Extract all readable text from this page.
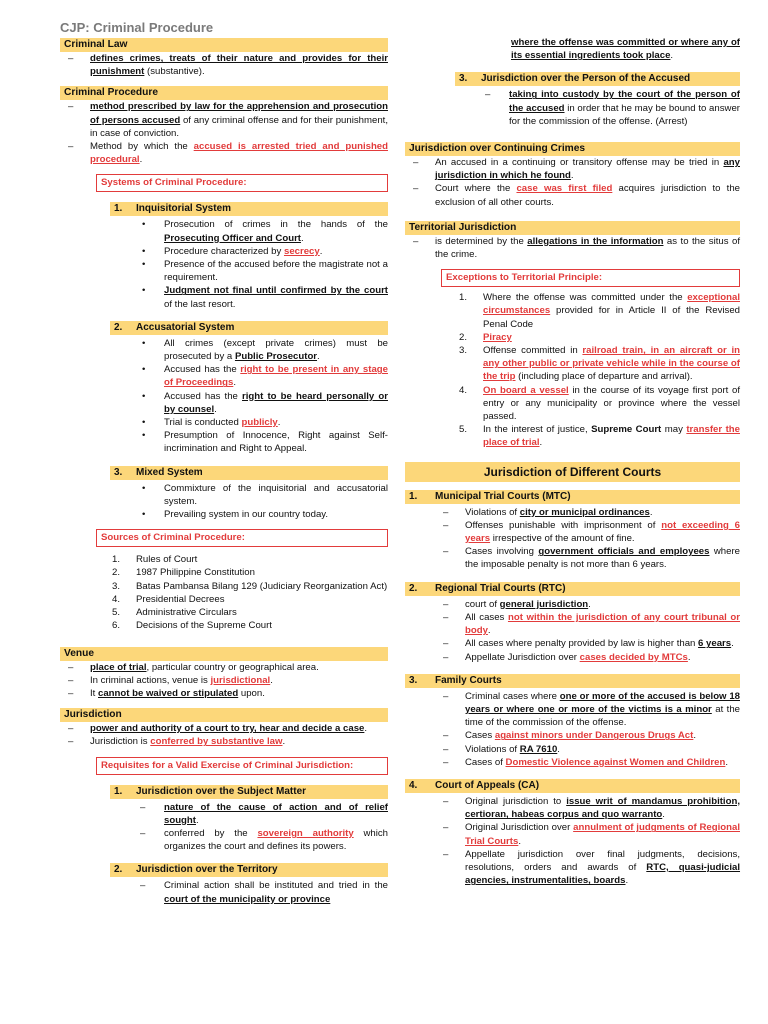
CJP: Criminal Procedure
Criminal Law
– defines crimes, treats of their nature and provides for their punishment (substantive).
Criminal Procedure
– method prescribed by law for the apprehension and prosecution of persons accused of any criminal offense and for their punishment, in case of conviction.
– Method by which the accused is arrested tried and punished procedural.
Systems of Criminal Procedure:
1. Inquisitorial System
• Prosecution of crimes in the hands of the Prosecuting Officer and Court.
• Procedure characterized by secrecy.
• Presence of the accused before the magistrate not a requirement.
• Judgment not final until confirmed by the court of the last resort.
2. Accusatorial System
• All crimes (except private crimes) must be prosecuted by a Public Prosecutor.
• Accused has the right to be present in any stage of Proceedings.
• Accused has the right to be heard personally or by counsel.
• Trial is conducted publicly.
• Presumption of Innocence, Right against Self-incrimination and Right to Appeal.
3. Mixed System
• Commixture of the inquisitorial and accusatorial system.
• Prevailing system in our country today.
Sources of Criminal Procedure:
1. Rules of Court
2. 1987 Philippine Constitution
3. Batas Pambansa Bilang 129 (Judiciary Reorganization Act)
4. Presidential Decrees
5. Administrative Circulars
6. Decisions of the Supreme Court
Venue
– place of trial, particular country or geographical area.
– In criminal actions, venue is jurisdictional.
– It cannot be waived or stipulated upon.
Jurisdiction
– power and authority of a court to try, hear and decide a case.
– Jurisdiction is conferred by substantive law.
Requisites for a Valid Exercise of Criminal Jurisdiction:
1. Jurisdiction over the Subject Matter
– nature of the cause of action and of relief sought.
– conferred by the sovereign authority which organizes the court and defines its powers.
2. Jurisdiction over the Territory
– Criminal action shall be instituted and tried in the court of the municipality or province
where the offense was committed or where any of its essential ingredients took place.
3. Jurisdiction over the Person of the Accused
– taking into custody by the court of the person of the accused in order that he may be bound to answer for the commission of the offense. (Arrest)
Jurisdiction over Continuing Crimes
– An accused in a continuing or transitory offense may be tried in any jurisdiction in which he found.
– Court where the case was first filed acquires jurisdiction to the exclusion of all other courts.
Territorial Jurisdiction
– is determined by the allegations in the information as to the situs of the crime.
Exceptions to Territorial Principle:
1. Where the offense was committed under the exceptional circumstances provided for in Article II of the Revised Penal Code
2. Piracy
3. Offense committed in railroad train, in an aircraft or in any other public or private vehicle while in the course of the trip (including place of departure and arrival).
4. On board a vessel in the course of its voyage first port of entry or any municipality or province where the vessel passed.
5. In the interest of justice, Supreme Court may transfer the place of trial.
Jurisdiction of Different Courts
1. Municipal Trial Courts (MTC)
– Violations of city or municipal ordinances.
– Offenses punishable with imprisonment of not exceeding 6 years irrespective of the amount of fine.
– Cases involving government officials and employees where the imposable penalty is not more than 6 years.
2. Regional Trial Courts (RTC)
– court of general jurisdiction.
– All cases not within the jurisdiction of any court tribunal or body.
– All cases where penalty provided by law is higher than 6 years.
– Appellate Jurisdiction over cases decided by MTCs.
3. Family Courts
– Criminal cases where one or more of the accused is below 18 years or where one or more of the victims is a minor at the time of the commission of the offense.
– Cases against minors under Dangerous Drugs Act.
– Violations of RA 7610.
– Cases of Domestic Violence against Women and Children.
4. Court of Appeals (CA)
– Original jurisdiction to issue writ of mandamus prohibition, certioran, habeas corpus and quo warranto.
– Original Jurisdiction over annulment of judgments of Regional Trial Courts.
– Appellate jurisdiction over final judgments, decisions, resolutions, orders and awards of RTC, quasi-judicial agencies, instrumentalities, boards.
